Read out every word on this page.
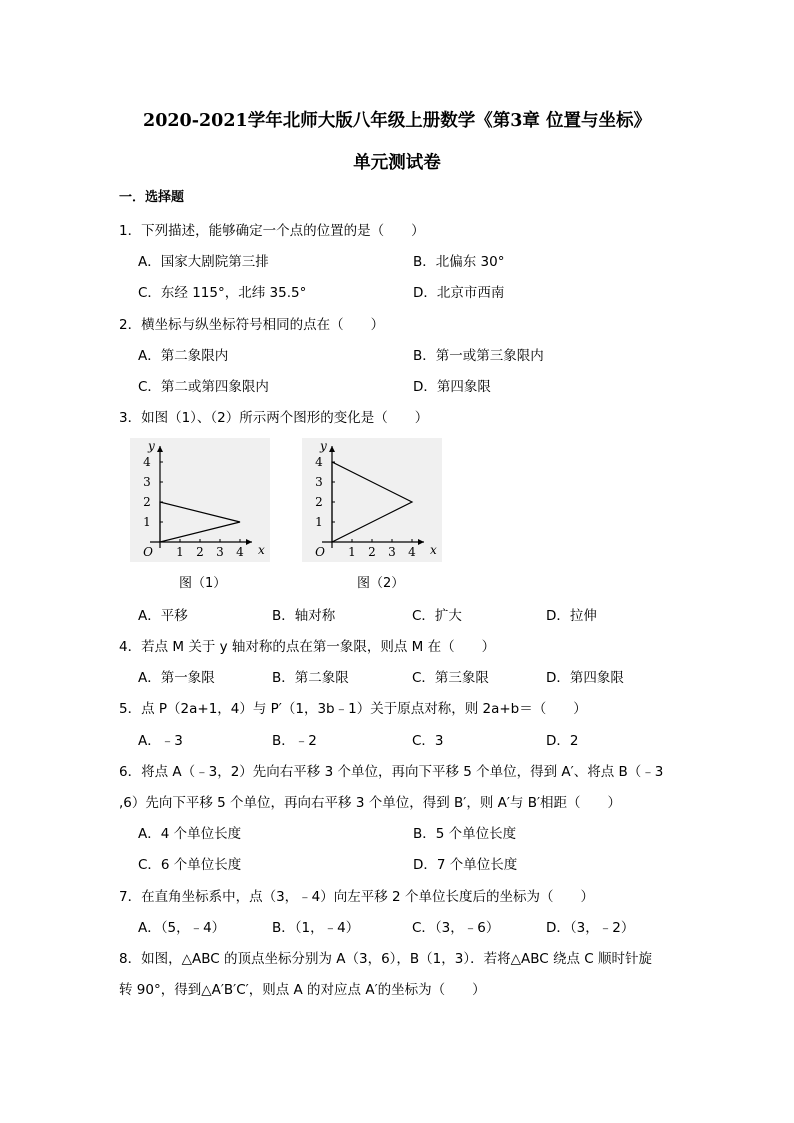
2020-2021学年北师大版八年级上册数学《第3章 位置与坐标》
单元测试卷
一．选择题
1．下列描述，能够确定一个点的位置的是（　　）
A．国家大剧院第三排	B．北偏东 30°
C．东经 115°，北纬 35.5°	D．北京市西南
2．横坐标与纵坐标符号相同的点在（　　）
A．第二象限内	B．第一或第三象限内
C．第二或第四象限内	D．第四象限
3．如图（1）、（2）所示两个图形的变化是（　　）
1 2 3 4
1
2
3
4
O	x
y
1 2 3 4
1
2
3
4
O	x
y
图（1）	图（2）
A．平移	B．轴对称	C．扩大	D．拉伸
4．若点 M 关于 y 轴对称的点在第一象限，则点 M 在（　　）
A．第一象限	B．第二象限	C．第三象限	D．第四象限
5．点 P（2a+1，4）与 P′（1，3b﹣1）关于原点对称，则 2a+b＝（　　）
A．﹣3	B．﹣2	C．3	D．2
6．将点 A（﹣3，2）先向右平移 3 个单位，再向下平移 5 个单位，得到 A′、将点 B（﹣3
,6）先向下平移 5 个单位，再向右平移 3 个单位，得到 B′，则 A′与 B′相距（　　）
A．4 个单位长度	B．5 个单位长度
C．6 个单位长度	D．7 个单位长度
7．在直角坐标系中，点（3，﹣4）向左平移 2 个单位长度后的坐标为（　　）
A．（5，﹣4）	B．（1，﹣4）	C．（3，﹣6）	D．（3，﹣2）
8．如图，△ABC 的顶点坐标分别为 A（3，6），B（1，3）．若将△ABC 绕点 C 顺时针旋
转 90°，得到△A′B′C′，则点 A 的对应点 A′的坐标为（　　）
